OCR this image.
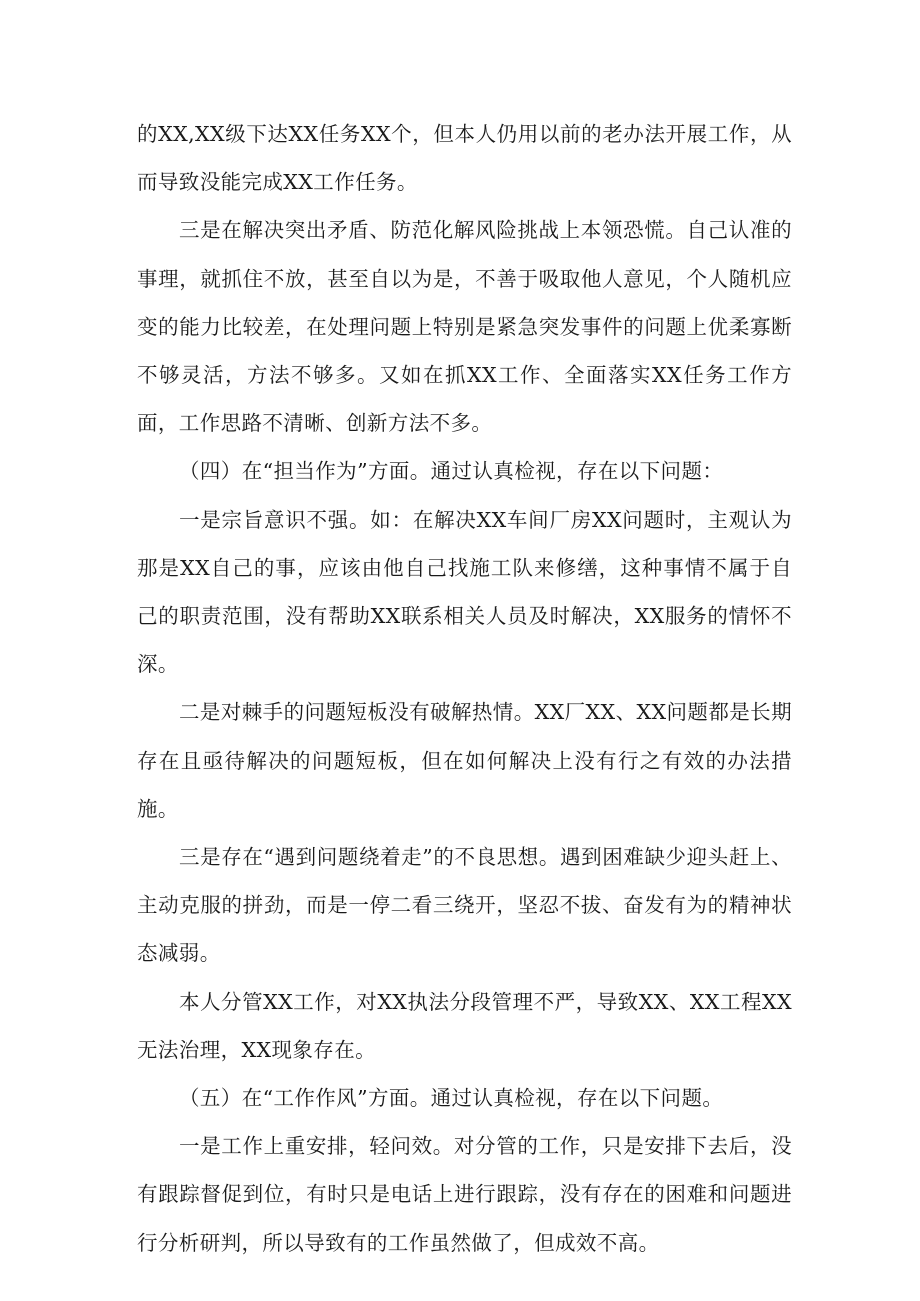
的XX,XX级下达XX任务XX个，但本人仍用以前的老办法开展工作，从而导致没能完成XX工作任务。

三是在解决突出矛盾、防范化解风险挑战上本领恐慌。自己认准的事理，就抓住不放，甚至自以为是，不善于吸取他人意见，个人随机应变的能力比较差，在处理问题上特别是紧急突发事件的问题上优柔寡断不够灵活，方法不够多。又如在抓XX工作、全面落实XX任务工作方面，工作思路不清晰、创新方法不多。

（四）在“担当作为”方面。通过认真检视，存在以下问题：

一是宗旨意识不强。如：在解决XX车间厂房XX问题时，主观认为那是XX自己的事，应该由他自己找施工队来修缮，这种事情不属于自己的职责范围，没有帮助XX联系相关人员及时解决，XX服务的情怀不深。

二是对棘手的问题短板没有破解热情。XX厂XX、XX问题都是长期存在且亟待解决的问题短板，但在如何解决上没有行之有效的办法措施。

三是存在“遇到问题绕着走”的不良思想。遇到困难缺少迎头赶上、主动克服的拼劲，而是一停二看三绕开，坚忍不拔、奋发有为的精神状态减弱。

本人分管XX工作，对XX执法分段管理不严，导致XX、XX工程XX无法治理，XX现象存在。

（五）在“工作作风”方面。通过认真检视，存在以下问题。

一是工作上重安排，轻问效。对分管的工作，只是安排下去后，没有跟踪督促到位，有时只是电话上进行跟踪，没有存在的困难和问题进行分析研判，所以导致有的工作虽然做了，但成效不高。
